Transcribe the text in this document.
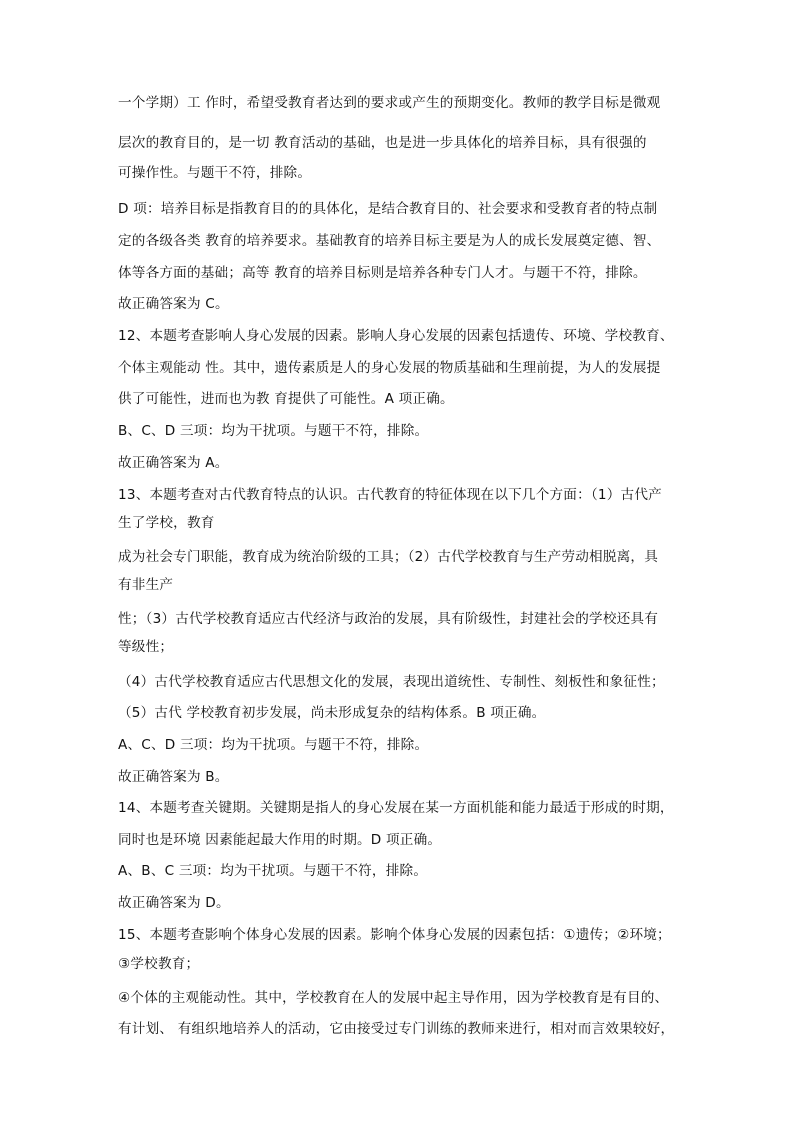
一个学期）工 作时，希望受教育者达到的要求或产生的预期变化。教师的教学目标是微观
层次的教育目的，是一切 教育活动的基础，也是进一步具体化的培养目标，具有很强的
可操作性。与题干不符，排除。
D 项：培养目标是指教育目的的具体化，是结合教育目的、社会要求和受教育者的特点制
定的各级各类 教育的培养要求。基础教育的培养目标主要是为人的成长发展奠定德、智、
体等各方面的基础；高等 教育的培养目标则是培养各种专门人才。与题干不符，排除。
故正确答案为 C。
12、本题考查影响人身心发展的因素。影响人身心发展的因素包括遗传、环境、学校教育、
个体主观能动 性。其中，遗传素质是人的身心发展的物质基础和生理前提，为人的发展提
供了可能性，进而也为教 育提供了可能性。A 项正确。
B、C、D 三项：均为干扰项。与题干不符，排除。
故正确答案为 A。
13、本题考查对古代教育特点的认识。古代教育的特征体现在以下几个方面：（1）古代产
生了学校，教育
成为社会专门职能，教育成为统治阶级的工具；（2）古代学校教育与生产劳动相脱离，具
有非生产
性；（3）古代学校教育适应古代经济与政治的发展，具有阶级性，封建社会的学校还具有
等级性；
（4）古代学校教育适应古代思想文化的发展，表现出道统性、专制性、刻板性和象征性；
（5）古代 学校教育初步发展，尚未形成复杂的结构体系。B 项正确。
A、C、D 三项：均为干扰项。与题干不符，排除。
故正确答案为 B。
14、本题考查关键期。关键期是指人的身心发展在某一方面机能和能力最适于形成的时期，
同时也是环境 因素能起最大作用的时期。D 项正确。
A、B、C 三项：均为干扰项。与题干不符，排除。
故正确答案为 D。
15、本题考查影响个体身心发展的因素。影响个体身心发展的因素包括：①遗传；②环境；
③学校教育；
④个体的主观能动性。其中，学校教育在人的发展中起主导作用，因为学校教育是有目的、
有计划、 有组织地培养人的活动，它由接受过专门训练的教师来进行，相对而言效果较好，
